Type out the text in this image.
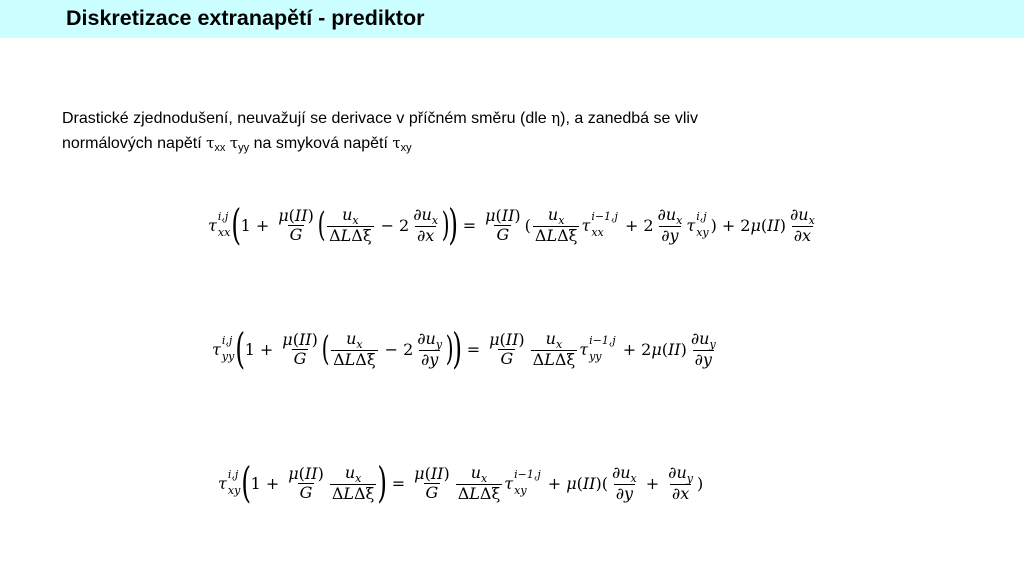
Diskretizace extranapětí - prediktor
Drastické zjednodušení, neuvažují se derivace v příčném směru (dle η), a zanedbá se vliv
normálových napětí $\tau_{xx}$ $\tau_{yy}$ na smyková napětí $\tau_{xy}$
τ i,j
xx ( $1 + \frac{\mu(II)}{G}$ ( $\frac{u_x}{\text{ΔLΔξ}} - 2 \frac{\partial u_x}{\partial x}$ )
) = $\frac{\mu(II)}{G}$ ( $\frac{u_x}{\text{ΔLΔξ}}$ τ i−1,j
xx	+ $2 \frac{\partial u_x}{\partial y}$ τ i,j
xy ) + 2 μ ( II ) $\frac{\partial u_x}{\partial x}$
τ i,j
yy ( $1 + \frac{\mu(II)}{G}$ ( $\frac{u_x}{\text{ΔLΔξ}} - 2 \frac{\partial u_y}{\partial y}$ )
) = $\frac{\mu(II)}{G} \frac{u_x}{\text{ΔLΔξ}}$ τ i−1,j
yy	+ 2 μ ( II ) $\frac{\partial u_y}{\partial y}$
τ i,j
xy ( $1 + \frac{\mu(II)}{G} \frac{u_x}{\text{ΔLΔξ}}$ ) = $\frac{\mu(II)}{G} \frac{u_x}{\text{ΔLΔξ}}$ τ i−1,j
xy	+ μ ( II )( $\frac{\partial u_x}{\partial y} + \frac{\partial u_y}{\partial x}$ )
